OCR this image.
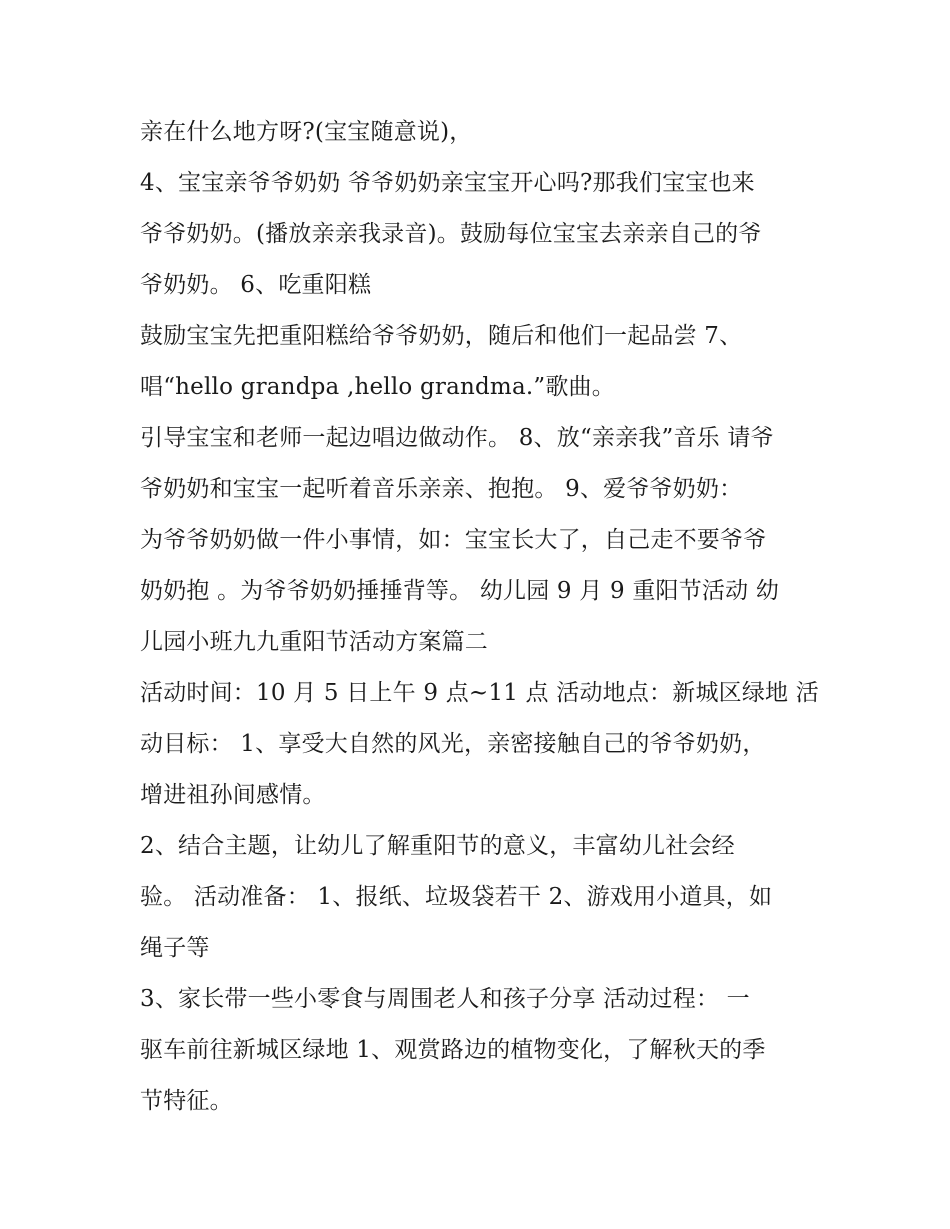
亲在什么地方呀?(宝宝随意说)，
4、宝宝亲爷爷奶奶 爷爷奶奶亲宝宝开心吗?那我们宝宝也来
爷爷奶奶。(播放亲亲我录音)。鼓励每位宝宝去亲亲自己的爷
爷奶奶。 6、吃重阳糕
鼓励宝宝先把重阳糕给爷爷奶奶，随后和他们一起品尝 7、
唱“hello grandpa ,hello grandma.”歌曲。
引导宝宝和老师一起边唱边做动作。 8、放“亲亲我”音乐 请爷
爷奶奶和宝宝一起听着音乐亲亲、抱抱。 9、爱爷爷奶奶：
为爷爷奶奶做一件小事情，如：宝宝长大了，自己走不要爷爷
奶奶抱 。为爷爷奶奶捶捶背等。 幼儿园 9 月 9 重阳节活动 幼
儿园小班九九重阳节活动方案篇二
活动时间：10 月 5 日上午 9 点~11 点 活动地点：新城区绿地 活
动目标： 1、享受大自然的风光，亲密接触自己的爷爷奶奶，
增进祖孙间感情。
2、结合主题，让幼儿了解重阳节的意义，丰富幼儿社会经
验。 活动准备： 1、报纸、垃圾袋若干 2、游戏用小道具，如
绳子等
3、家长带一些小零食与周围老人和孩子分享 活动过程： 一
驱车前往新城区绿地 1、观赏路边的植物变化，了解秋天的季
节特征。
